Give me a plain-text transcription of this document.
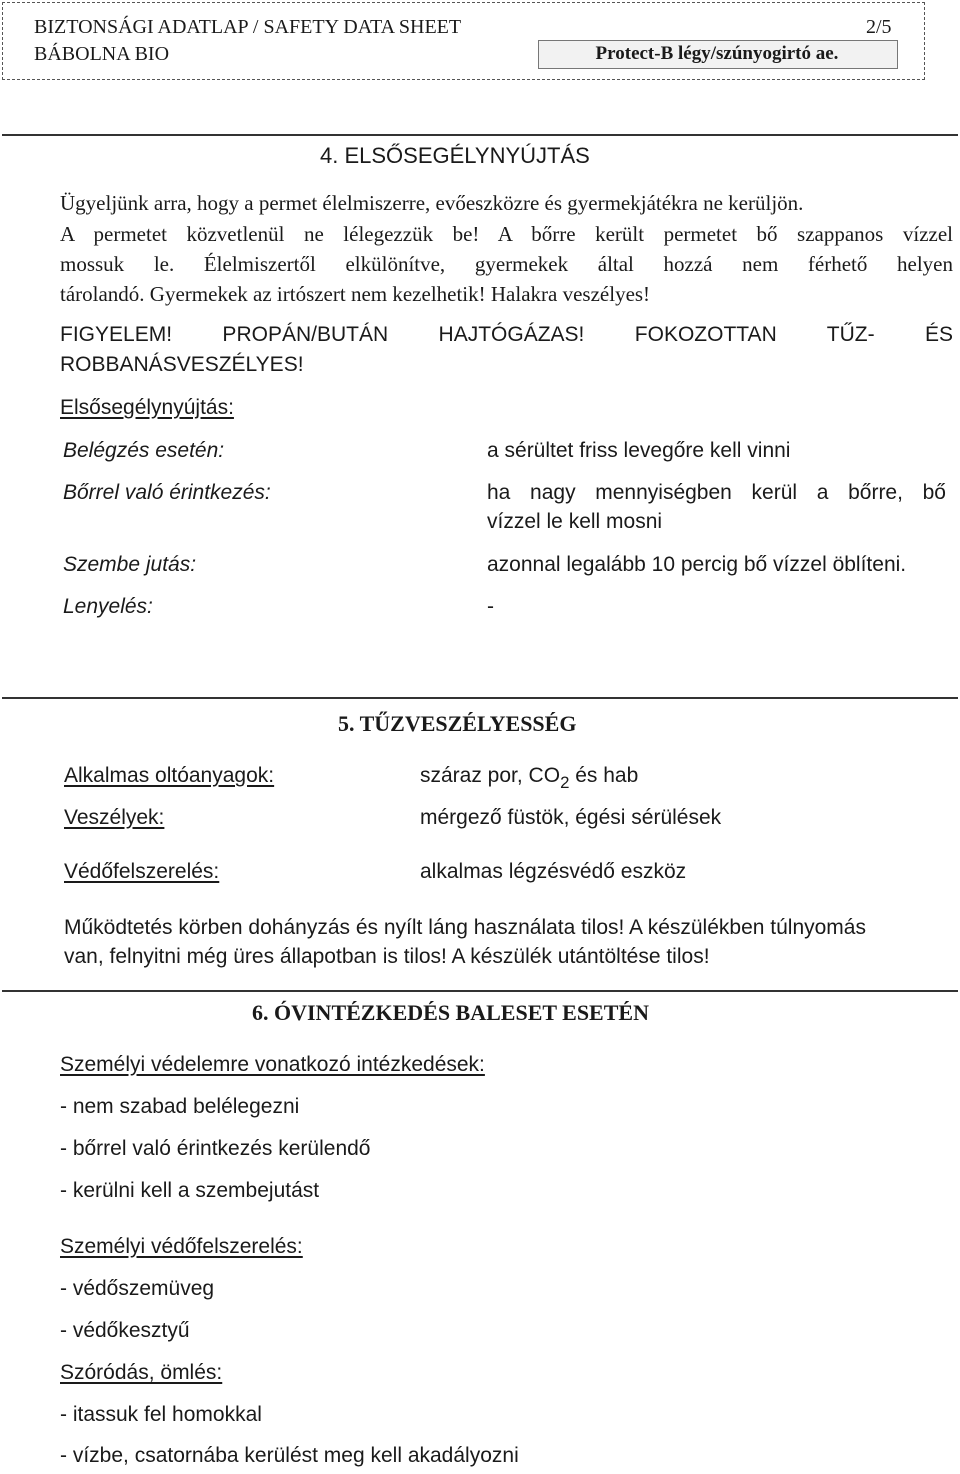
BIZTONSÁGI ADATLAP / SAFETY DATA SHEET	2/5
BÁBOLNA BIO	Protect-B légy/szúnyogirtó ae.
4. ELSŐSEGÉLYNYÚJTÁS
Ügyeljünk arra, hogy a permet élelmiszerre, evőeszközre és gyermekjátékra ne kerüljön.
A permetet közvetlenül ne lélegezzük be! A bőrre került permetet bő szappanos vízzel
mossuk le. Élelmiszertől elkülönítve, gyermekek által hozzá nem férhető helyen
tárolandó. Gyermekek az irtószert nem kezelhetik! Halakra veszélyes!
FIGYELEM! PROPÁN/BUTÁN HAJTÓGÁZAS! FOKOZOTTAN TŰZ- ÉS
ROBBANÁSVESZÉLYES!
Elsősegélynyújtás:
Belégzés esetén:	a sérültet friss levegőre kell vinni
Bőrrel való érintkezés:	ha nagy mennyiségben kerül a bőrre, bő
vízzel le kell mosni
Szembe jutás:	azonnal legalább 10 percig bő vízzel öblíteni.
Lenyelés:	-
5. TŰZVESZÉLYESSÉG
Alkalmas oltóanyagok:	száraz por, $CO_2$ és hab
Veszélyek:	mérgező füstök, égési sérülések
Védőfelszerelés:	alkalmas légzésvédő eszköz
Működtetés körben dohányzás és nyílt láng használata tilos! A készülékben túlnyomás
van, felnyitni még üres állapotban is tilos! A készülék utántöltése tilos!
6. ÓVINTÉZKEDÉS BALESET ESETÉN
Személyi védelemre vonatkozó intézkedések:
- nem szabad belélegezni
- bőrrel való érintkezés kerülendő
- kerülni kell a szembejutást
Személyi védőfelszerelés:
- védőszemüveg
- védőkesztyű
Szóródás, ömlés:
- itassuk fel homokkal
- vízbe, csatornába kerülést meg kell akadályozni
